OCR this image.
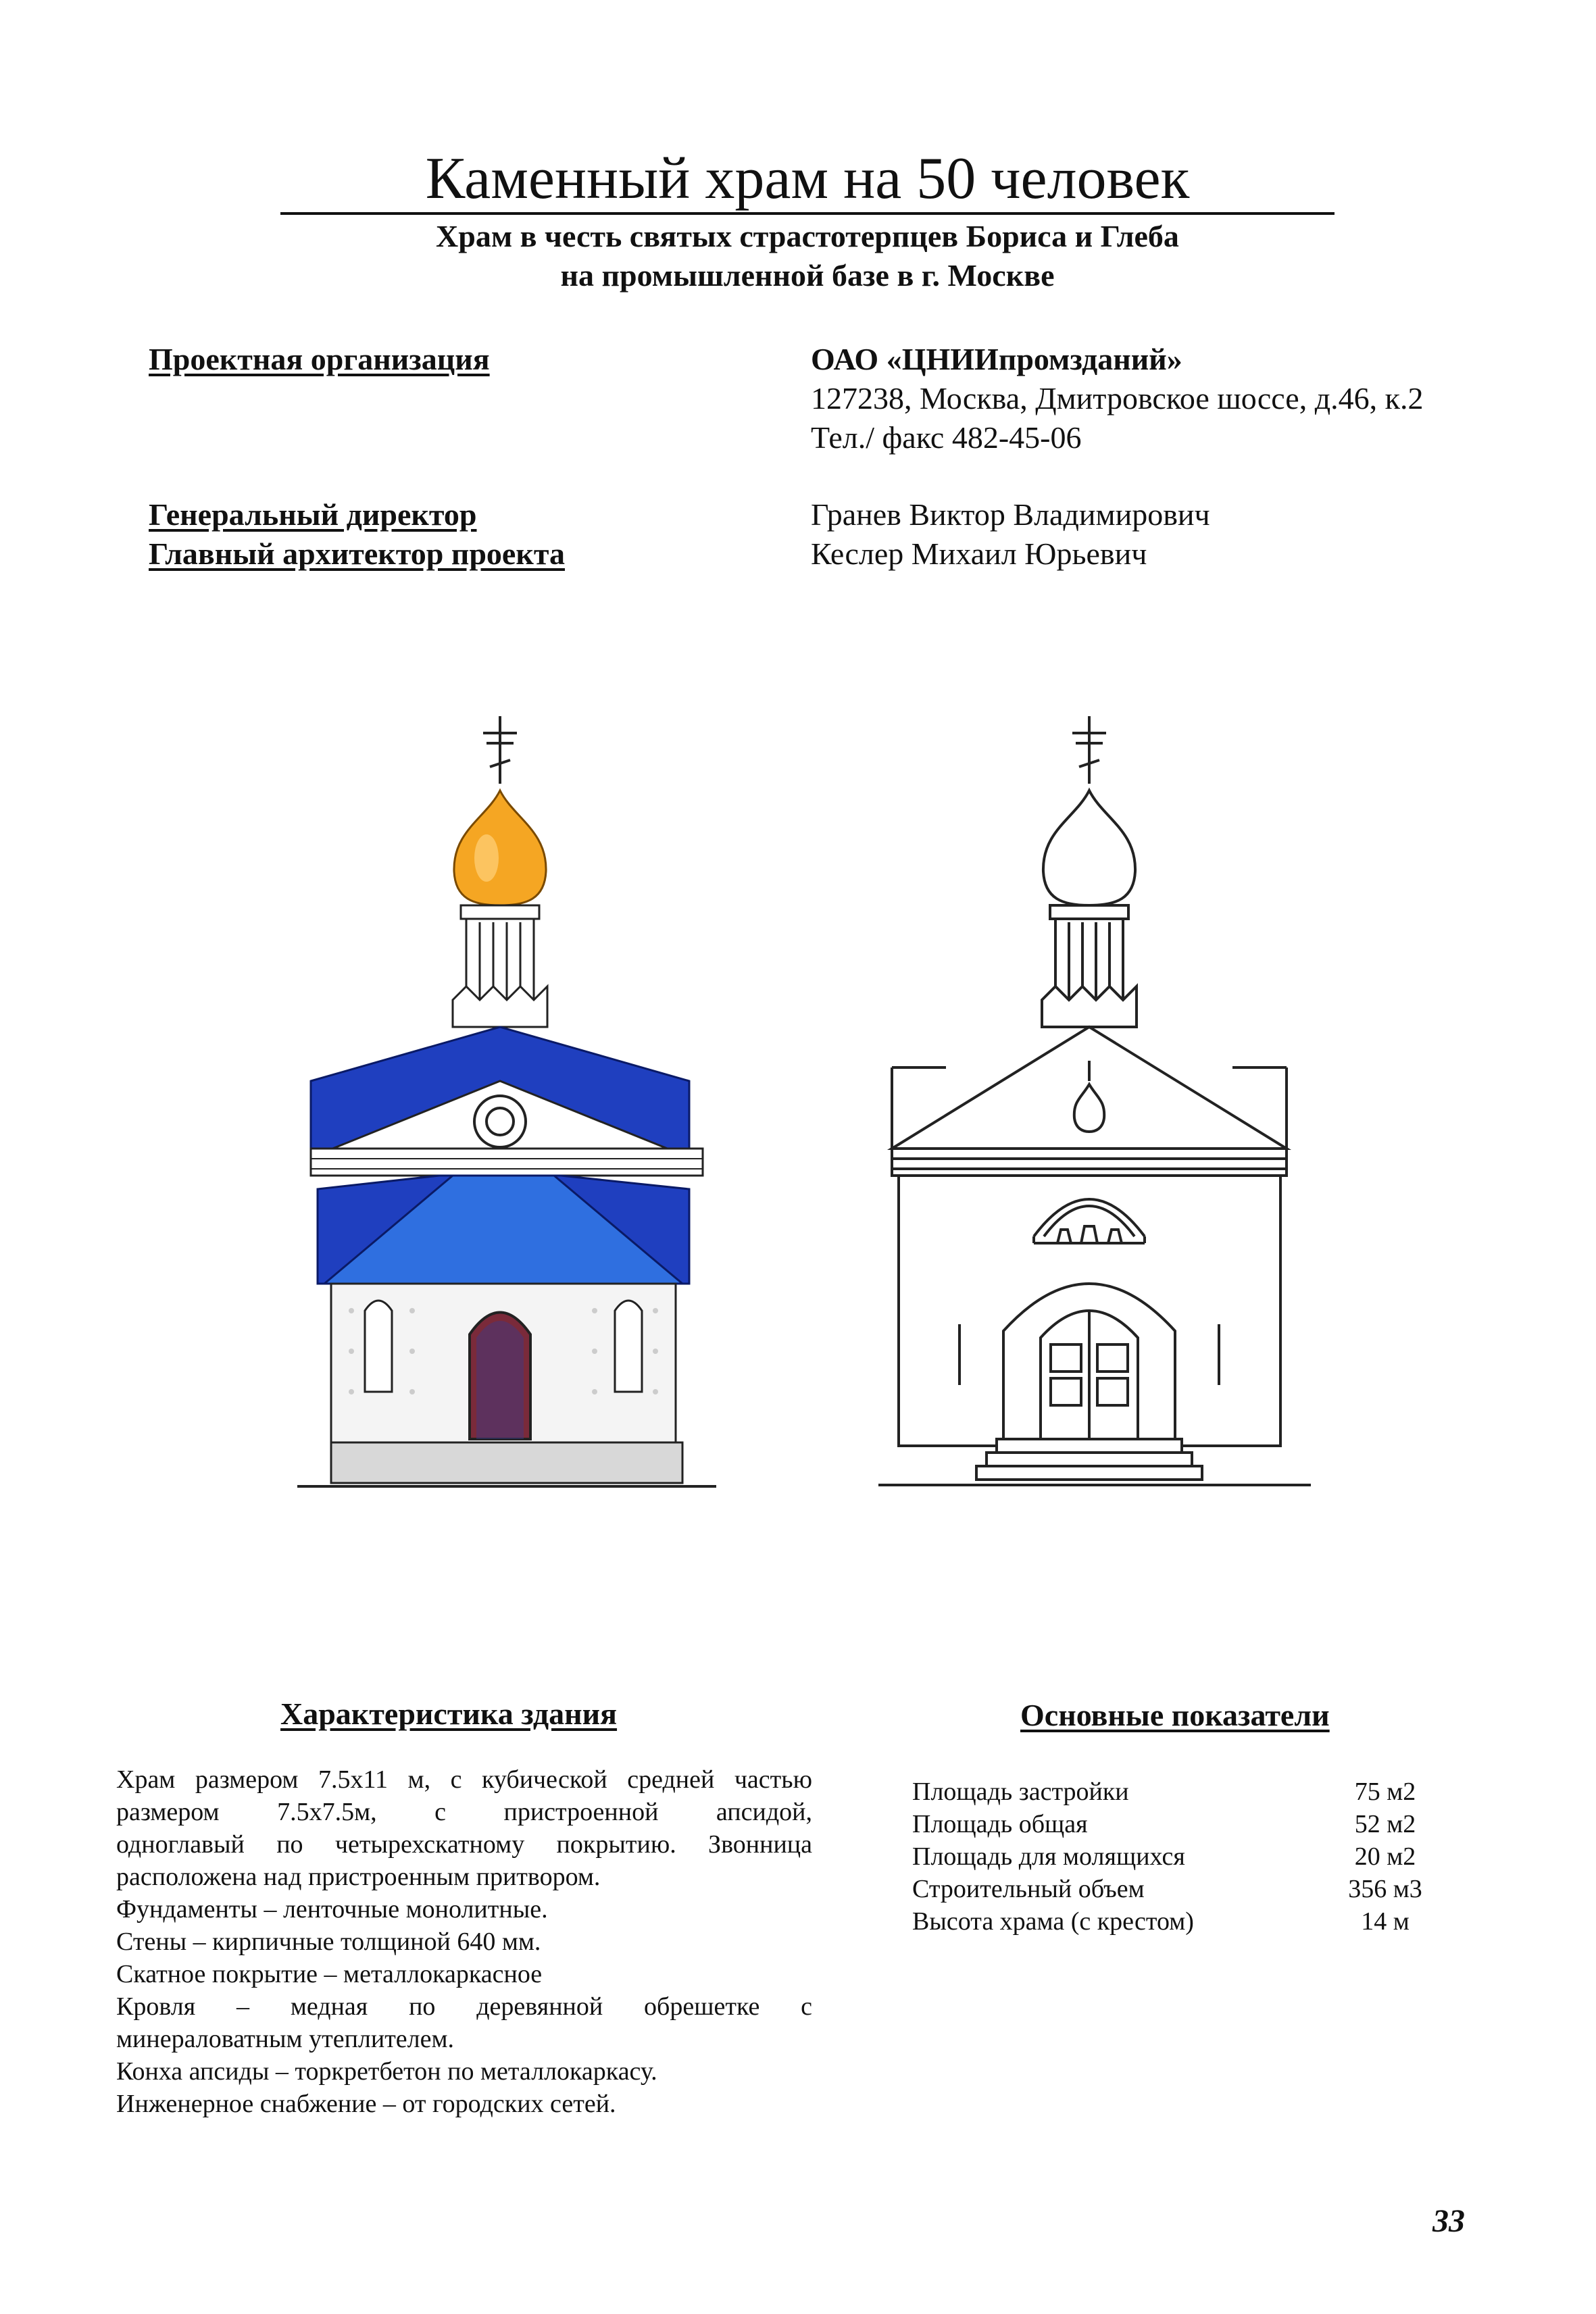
Каменный храм на 50 человек
Храм в честь святых страстотерпцев Бориса и Глеба
на промышленной базе в г. Москве
Проектная организация	ОАО «ЦНИИпромзданий»
127238, Москва, Дмитровское шоссе, д.46, к.2
Тел./ факс 482-45-06
Генеральный директор	Гранев Виктор Владимирович
Главный архитектор проекта	Кеслер Михаил Юрьевич
Характеристика здания

Храм размером 7.5х11 м, с кубической средней частью

размером 7.5х7.5м, с пристроенной апсидой,

одноглавый по четырехскатному покрытию. Звонница

расположена над пристроенным притвором.

Фундаменты – ленточные монолитные.

Стены – кирпичные толщиной 640 мм.

Скатное покрытие – металлокаркасное

Кровля – медная по деревянной обрешетке с

минераловатным утеплителем.

Конха апсиды – торкретбетон по металлокаркасу.

Инженерное снабжение – от городских сетей.

Основные показатели
Площадь застройки	75 м2
Площадь общая	52 м2
Площадь для молящихся	20 м2
Строительный объем	356 м3
Высота храма (с крестом)	14 м
33
